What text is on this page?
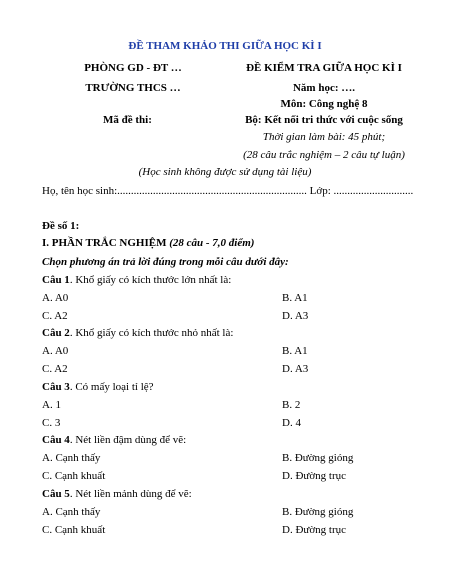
ĐỀ THAM KHẢO THI GIỮA HỌC KÌ I
PHÒNG GD - ĐT …
TRƯỜNG THCS …
Mã đề thi:
ĐỀ KIỂM TRA GIỮA HỌC KÌ I
Năm học: ….
Môn: Công nghệ 8
Bộ: Kết nối tri thức với cuộc sống
Thời gian làm bài: 45 phút;
(28 câu trắc nghiệm – 2 câu tự luận)
(Học sinh không được sử dụng tài liệu)
Họ, tên học sinh:..................................................................... Lớp: .............................
Đề số 1:
I. PHẦN TRẮC NGHIỆM (28 câu - 7,0 điểm)
Chọn phương án trả lời đúng trong mỗi câu dưới đây:
Câu 1. Khổ giấy có kích thước lớn nhất là:
A. A0	B. A1
C. A2	D. A3
Câu 2. Khổ giấy có kích thước nhỏ nhất là:
A. A0	B. A1
C. A2	D. A3
Câu 3. Có mấy loại tỉ lệ?
A. 1	B. 2
C. 3	D. 4
Câu 4. Nét liền đậm dùng để vẽ:
A. Cạnh thấy	B. Đường gióng
C. Cạnh khuất	D. Đường trục
Câu 5. Nét liền mảnh dùng để vẽ:
A. Cạnh thấy	B. Đường gióng
C. Cạnh khuất	D. Đường trục
